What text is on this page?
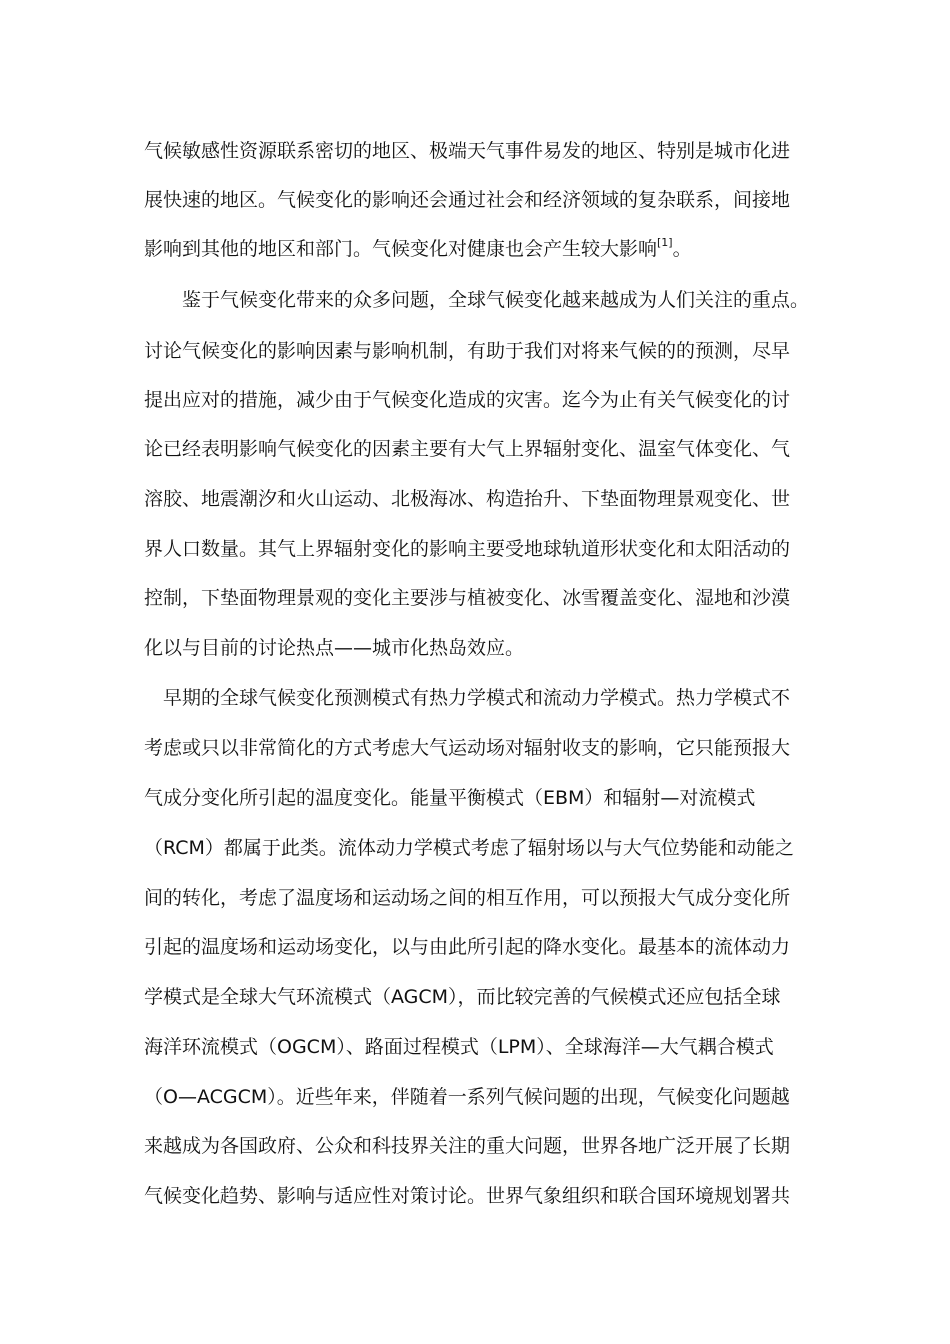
气候敏感性资源联系密切的地区、极端天气事件易发的地区、特别是城市化进
展快速的地区。气候变化的影响还会通过社会和经济领域的复杂联系，间接地
影响到其他的地区和部门。气候变化对健康也会产生较大影响[1]。
鉴于气候变化带来的众多问题，全球气候变化越来越成为人们关注的重点。
讨论气候变化的影响因素与影响机制，有助于我们对将来气候的的预测，尽早
提出应对的措施，减少由于气候变化造成的灾害。迄今为止有关气候变化的讨
论已经表明影响气候变化的因素主要有大气上界辐射变化、温室气体变化、气
溶胶、地震潮汐和火山运动、北极海冰、构造抬升、下垫面物理景观变化、世
界人口数量。其气上界辐射变化的影响主要受地球轨道形状变化和太阳活动的
控制，下垫面物理景观的变化主要涉与植被变化、冰雪覆盖变化、湿地和沙漠
化以与目前的讨论热点——城市化热岛效应。
早期的全球气候变化预测模式有热力学模式和流动力学模式。热力学模式不
考虑或只以非常简化的方式考虑大气运动场对辐射收支的影响，它只能预报大
气成分变化所引起的温度变化。能量平衡模式（EBM）和辐射—对流模式
（RCM）都属于此类。流体动力学模式考虑了辐射场以与大气位势能和动能之
间的转化，考虑了温度场和运动场之间的相互作用，可以预报大气成分变化所
引起的温度场和运动场变化，以与由此所引起的降水变化。最基本的流体动力
学模式是全球大气环流模式（AGCM），而比较完善的气候模式还应包括全球
海洋环流模式（OGCM）、路面过程模式（LPM）、全球海洋—大气耦合模式
（O—ACGCM）。近些年来，伴随着一系列气候问题的出现，气候变化问题越
来越成为各国政府、公众和科技界关注的重大问题，世界各地广泛开展了长期
气候变化趋势、影响与适应性对策讨论。世界气象组织和联合国环境规划署共
